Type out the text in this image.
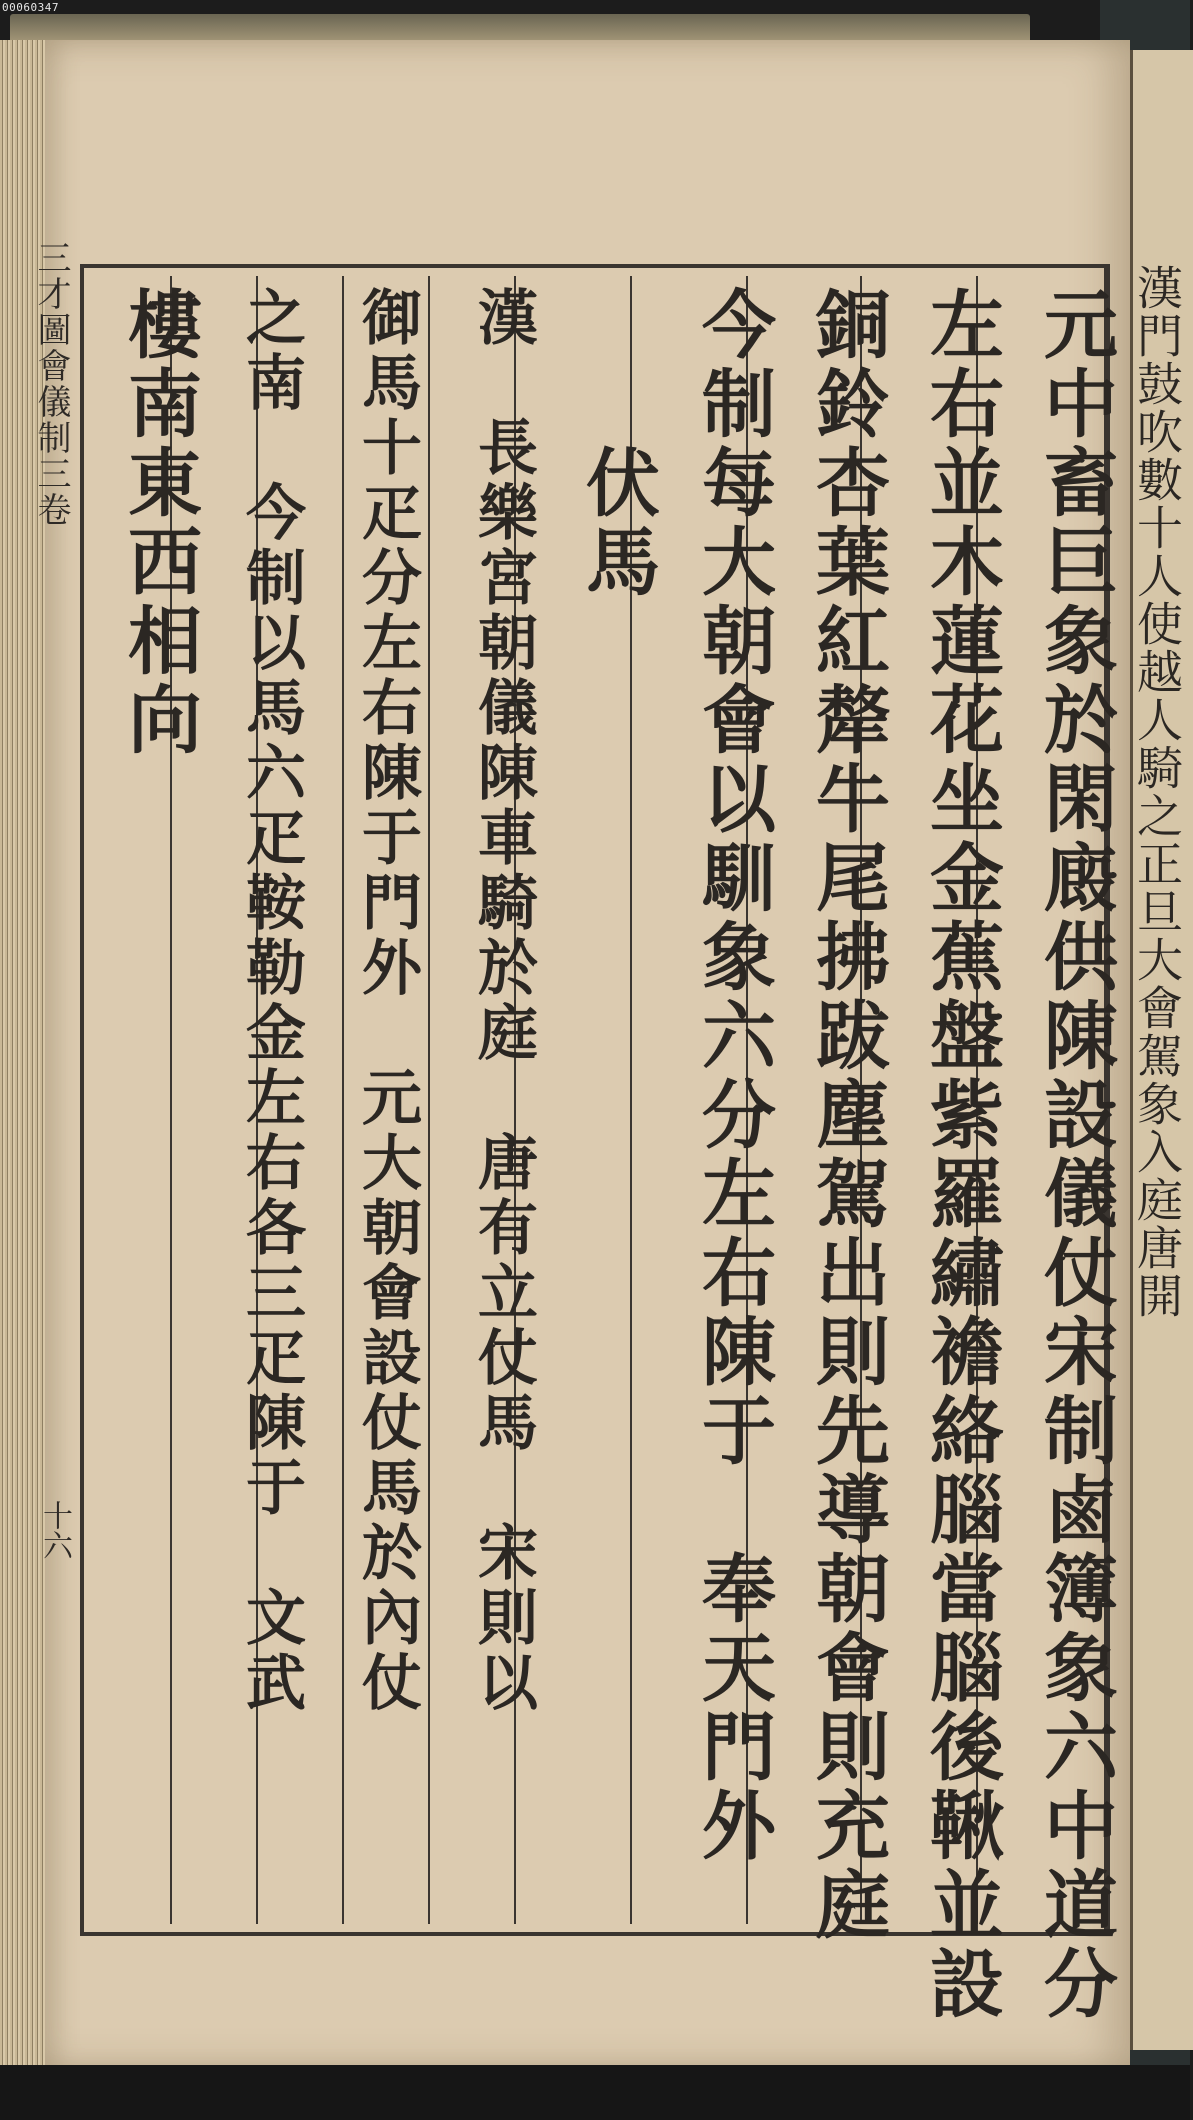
00060347
漢門鼓吹數十人使越人騎之正旦大會駕象入庭唐開
三才圖會儀制三卷
十六	元中畜巨象於閑廄供陳設儀仗宋制鹵簿象六中道分
左右並木蓮花坐金蕉盤紫羅繡襜絡腦當腦後鞦並設
銅鈴杏葉紅犛牛尾拂跋塵駕出則先導朝會則充庭
今制每大朝會以馴象六分左右陳于　奉天門外
　　伏馬
漢　長樂宮朝儀陳車騎於庭　唐有立仗馬　宋則以
御馬十疋分左右陳于門外　元大朝會設仗馬於內仗
之南　今制以馬六疋鞍勒金左右各三疋陳于　文武
樓南東西相向
